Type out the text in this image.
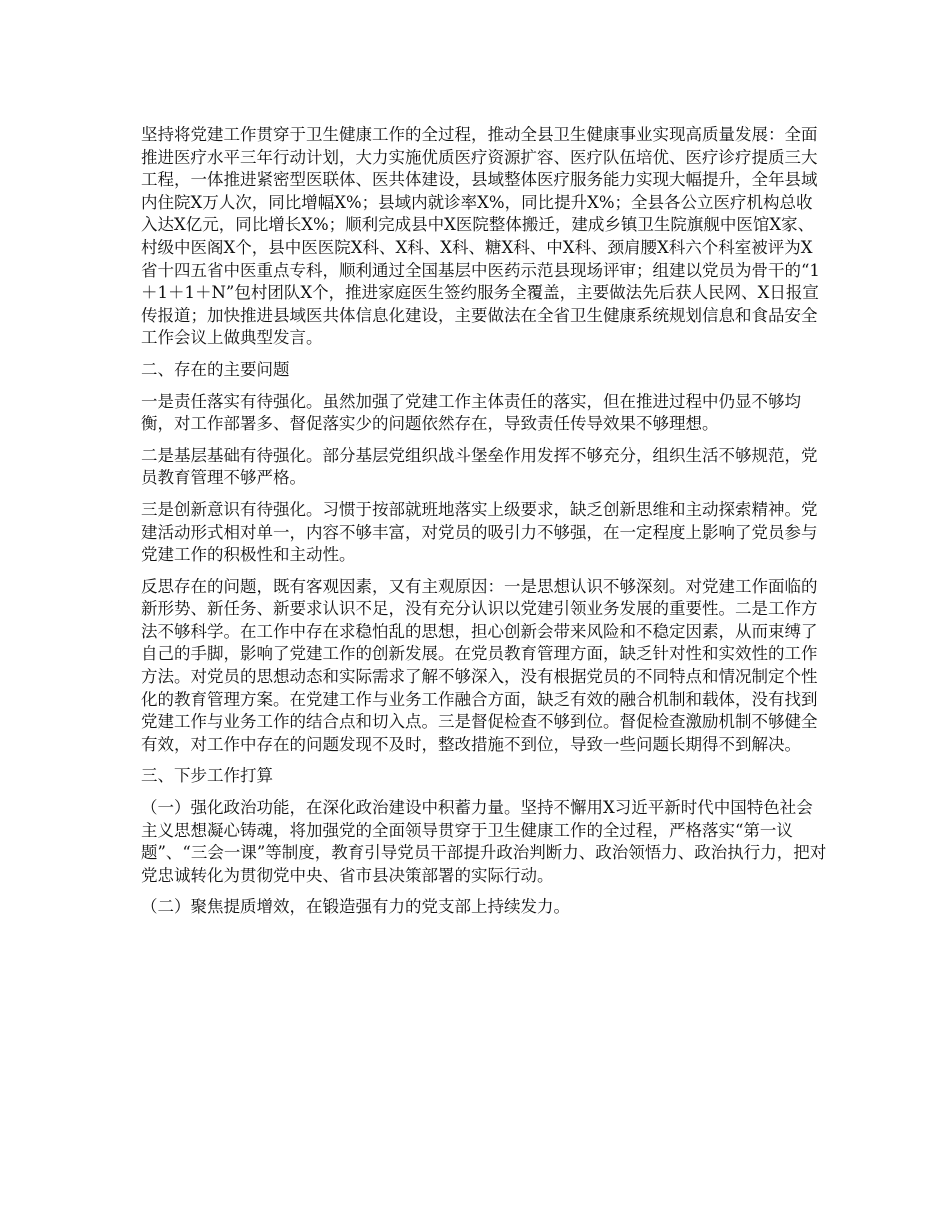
坚持将党建工作贯穿于卫生健康工作的全过程，推动全县卫生健康事业实现高质量发展：全面推进医疗水平三年行动计划，大力实施优质医疗资源扩容、医疗队伍培优、医疗诊疗提质三大工程，一体推进紧密型医联体、医共体建设，县域整体医疗服务能力实现大幅提升，全年县域内住院X万人次，同比增幅X%；县域内就诊率X%，同比提升X%；全县各公立医疗机构总收入达X亿元，同比增长X%；顺利完成县中X医院整体搬迁，建成乡镇卫生院旗舰中医馆X家、村级中医阁X个，县中医医院X科、X科、X科、糖X科、中X科、颈肩腰X科六个科室被评为X省十四五省中医重点专科，顺利通过全国基层中医药示范县现场评审；组建以党员为骨干的“1＋1＋1＋N”包村团队X个，推进家庭医生签约服务全覆盖，主要做法先后获人民网、X日报宣传报道；加快推进县域医共体信息化建设，主要做法在全省卫生健康系统规划信息和食品安全工作会议上做典型发言。

二、存在的主要问题

一是责任落实有待强化。虽然加强了党建工作主体责任的落实，但在推进过程中仍显不够均衡，对工作部署多、督促落实少的问题依然存在，导致责任传导效果不够理想。

二是基层基础有待强化。部分基层党组织战斗堡垒作用发挥不够充分，组织生活不够规范，党员教育管理不够严格。

三是创新意识有待强化。习惯于按部就班地落实上级要求，缺乏创新思维和主动探索精神。党建活动形式相对单一，内容不够丰富，对党员的吸引力不够强，在一定程度上影响了党员参与党建工作的积极性和主动性。

反思存在的问题，既有客观因素，又有主观原因：一是思想认识不够深刻。对党建工作面临的新形势、新任务、新要求认识不足，没有充分认识以党建引领业务发展的重要性。二是工作方法不够科学。在工作中存在求稳怕乱的思想，担心创新会带来风险和不稳定因素，从而束缚了自己的手脚，影响了党建工作的创新发展。在党员教育管理方面，缺乏针对性和实效性的工作方法。对党员的思想动态和实际需求了解不够深入，没有根据党员的不同特点和情况制定个性化的教育管理方案。在党建工作与业务工作融合方面，缺乏有效的融合机制和载体，没有找到党建工作与业务工作的结合点和切入点。三是督促检查不够到位。督促检查激励机制不够健全有效，对工作中存在的问题发现不及时，整改措施不到位，导致一些问题长期得不到解决。

三、下步工作打算

（一）强化政治功能，在深化政治建设中积蓄力量。坚持不懈用X习近平新时代中国特色社会主义思想凝心铸魂，将加强党的全面领导贯穿于卫生健康工作的全过程，严格落实“第一议题”、“三会一课”等制度，教育引导党员干部提升政治判断力、政治领悟力、政治执行力，把对党忠诚转化为贯彻党中央、省市县决策部署的实际行动。

（二）聚焦提质增效，在锻造强有力的党支部上持续发力。
